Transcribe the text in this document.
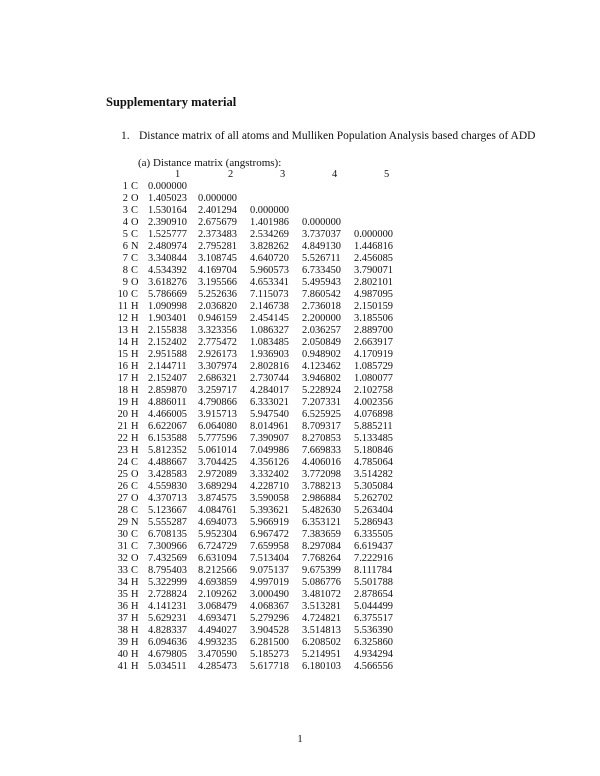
Supplementary material
1. Distance matrix of all atoms and Mulliken Population Analysis based charges of ADD
(a) Distance matrix (angstroms):
1	2	3	4	5
1 C 0.000000
2 O 1.405023 0.000000
3 C 1.530164 2.401294 0.000000
4 O 2.390910 2.675679 1.401986 0.000000
5 C 1.525777 2.373483 2.534269 3.737037 0.000000
6 N 2.480974 2.795281 3.828262 4.849130 1.446816
7 C 3.340844 3.108745 4.640720 5.526711 2.456085
8 C 4.534392 4.169704 5.960573 6.733450 3.790071
9 O 3.618276 3.195566 4.653341 5.495943 2.802101
10 C 5.786669 5.252636 7.115073 7.860542 4.987095
11 H 1.090998 2.036820 2.146738 2.736018 2.150159
12 H 1.903401 0.946159 2.454145 2.200000 3.185506
13 H 2.155838 3.323356 1.086327 2.036257 2.889700
14 H 2.152402 2.775472 1.083485 2.050849 2.663917
15 H 2.951588 2.926173 1.936903 0.948902 4.170919
16 H 2.144711 3.307974 2.802816 4.123462 1.085729
17 H 2.152407 2.686321 2.730744 3.946802 1.080077
18 H 2.859870 3.259717 4.284017 5.228924 2.102758
19 H 4.886011 4.790866 6.333021 7.207331 4.002356
20 H 4.466005 3.915713 5.947540 6.525925 4.076898
21 H 6.622067 6.064080 8.014961 8.709317 5.885211
22 H 6.153588 5.777596 7.390907 8.270853 5.133485
23 H 5.812352 5.061014 7.049986 7.669833 5.180846
24 C 4.488667 3.704425 4.356126 4.406016 4.785064
25 O 3.428583 2.972089 3.332402 3.772098 3.514282
26 C 4.559830 3.689294 4.228710 3.788213 5.305084
27 O 4.370713 3.874575 3.590058 2.986884 5.262702
28 C 5.123667 4.084761 5.393621 5.482630 5.263404
29 N 5.555287 4.694073 5.966919 6.353121 5.286943
30 C 6.708135 5.952304 6.967472 7.383659 6.335505
31 C 7.300966 6.724729 7.659958 8.297084 6.619437
32 O 7.432569 6.631094 7.513404 7.768264 7.222916
33 C 8.795403 8.212566 9.075137 9.675399 8.111784
34 H 5.322999 4.693859 4.997019 5.086776 5.501788
35 H 2.728824 2.109262 3.000490 3.481072 2.878654
36 H 4.141231 3.068479 4.068367 3.513281 5.044499
37 H 5.629231 4.693471 5.279296 4.724821 6.375517
38 H 4.828337 4.494027 3.904528 3.514813 5.536390
39 H 6.094636 4.993235 6.281500 6.208502 6.325860
40 H 4.679805 3.470590 5.185273 5.214951 4.934294
41 H 5.034511 4.285473 5.617718 6.180103 4.566556
1
